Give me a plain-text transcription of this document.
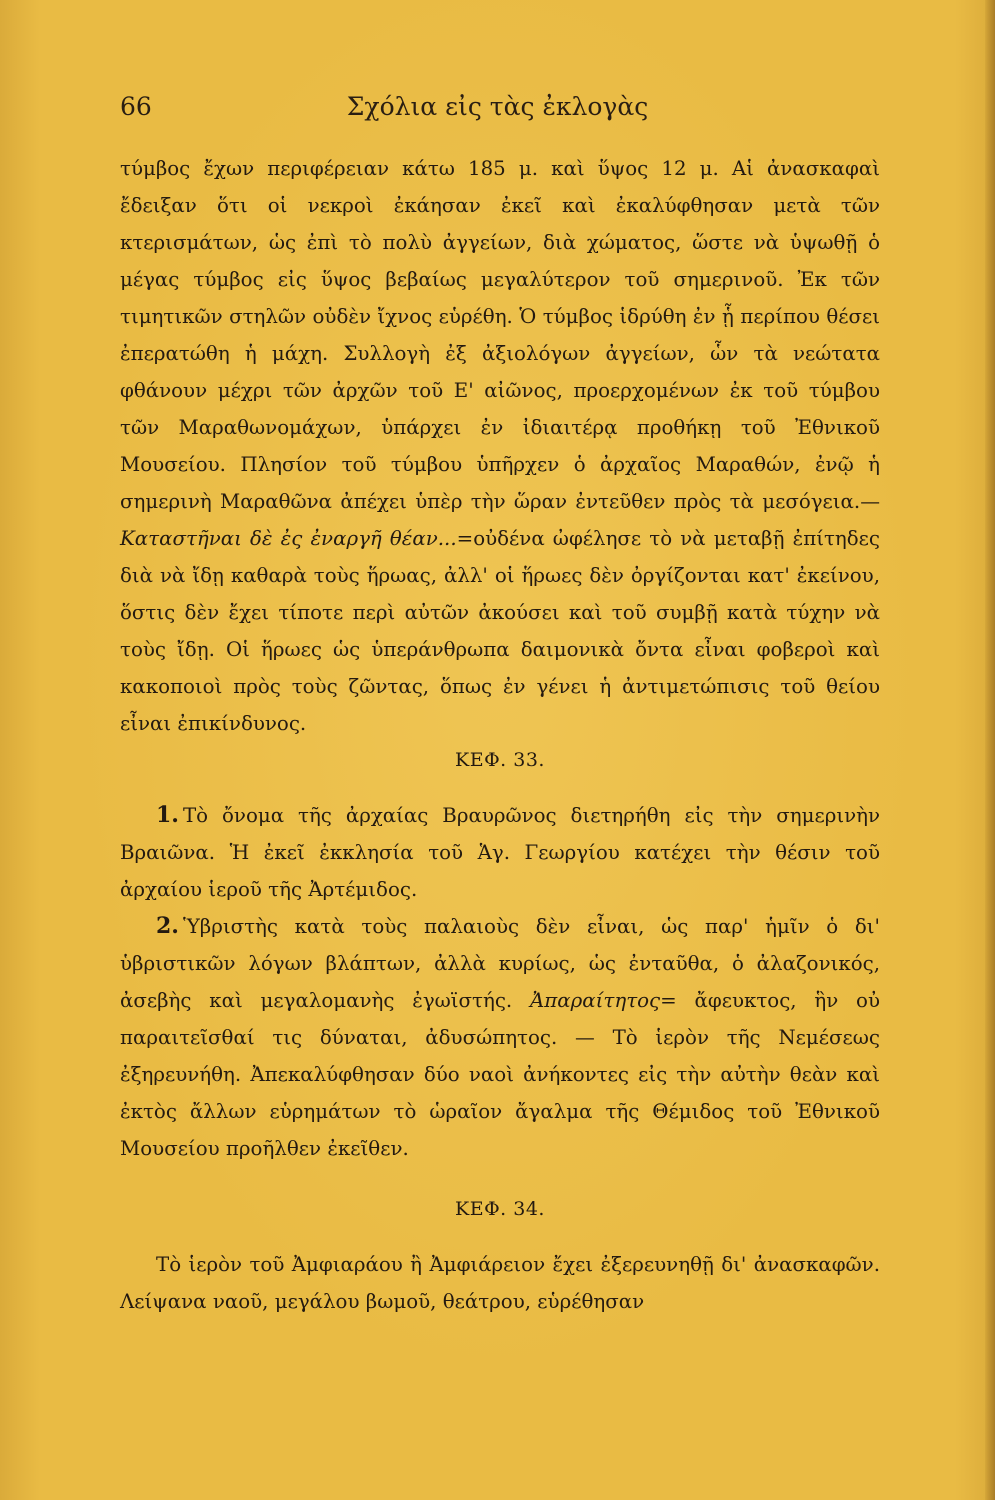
66	Σχόλια εἰς τὰς ἐκλογὰς

τύμβος ἔχων περιφέρειαν κάτω 185 μ. καὶ ὕψος 12 μ. Αἱ ἀνασκαφαὶ ἔδειξαν ὅτι οἱ νεκροὶ ἐκάησαν ἐκεῖ καὶ ἐκαλύφθησαν μετὰ τῶν κτερισμάτων, ὡς ἐπὶ τὸ πολὺ ἀγγείων, διὰ χώματος, ὥστε νὰ ὑψωθῇ ὁ μέγας τύμβος εἰς ὕψος βεβαίως μεγαλύτερον τοῦ σημερινοῦ. Ἐκ τῶν τιμητικῶν στηλῶν οὐδὲν ἴχνος εὑρέθη. Ὁ τύμβος ἱδρύθη ἐν ᾗ περίπου θέσει ἐπερατώθη ἡ μάχη. Συλλογὴ ἐξ ἀξιολόγων ἀγγείων, ὧν τὰ νεώτατα φθάνουν μέχρι τῶν ἀρχῶν τοῦ Ε' αἰῶνος, προερχομένων ἐκ τοῦ τύμβου τῶν Μαραθωνομάχων, ὑπάρχει ἐν ἰδιαιτέρᾳ προθήκῃ τοῦ Ἐθνικοῦ Μουσείου. Πλησίον τοῦ τύμβου ὑπῆρχεν ὁ ἀρχαῖος Μαραθών, ἐνῷ ἡ σημερινὴ Μαραθῶνα ἀπέχει ὑπὲρ τὴν ὥραν ἐντεῦθεν πρὸς τὰ μεσόγεια.— Καταστῆναι δὲ ἐς ἐναργῆ θέαν...=οὐδένα ὠφέλησε τὸ νὰ μεταβῇ ἐπίτηδες διὰ νὰ ἴδῃ καθαρὰ τοὺς ἥρωας, ἀλλ' οἱ ἥρωες δὲν ὀργίζονται κατ' ἐκείνου, ὅστις δὲν ἔχει τίποτε περὶ αὐτῶν ἀκούσει καὶ τοῦ συμβῇ κατὰ τύχην νὰ τοὺς ἴδῃ. Οἱ ἥρωες ὡς ὑπεράνθρωπα δαιμονικὰ ὄντα εἶναι φοβεροὶ καὶ κακοποιοὶ πρὸς τοὺς ζῶντας, ὅπως ἐν γένει ἡ ἀντιμετώπισις τοῦ θείου εἶναι ἐπικίνδυνος.

ΚΕΦ. 33.

1. Τὸ ὄνομα τῆς ἀρχαίας Βραυρῶνος διετηρήθη εἰς τὴν σημερινὴν Βραιῶνα. Ἡ ἐκεῖ ἐκκλησία τοῦ Ἁγ. Γεωργίου κατέχει τὴν θέσιν τοῦ ἀρχαίου ἱεροῦ τῆς Ἀρτέμιδος.

2. Ὑβριστὴς κατὰ τοὺς παλαιοὺς δὲν εἶναι, ὡς παρ' ἡμῖν ὁ δι' ὑβριστικῶν λόγων βλάπτων, ἀλλὰ κυρίως, ὡς ἐνταῦθα, ὁ ἀλαζονικός, ἀσεβὴς καὶ μεγαλομανὴς ἐγωϊστής. Ἀπαραίτητος= ἄφευκτος, ἣν οὐ παραιτεῖσθαί τις δύναται, ἀδυσώπητος. — Τὸ ἱερὸν τῆς Νεμέσεως ἐξηρευνήθη. Ἀπεκαλύφθησαν δύο ναοὶ ἀνήκοντες εἰς τὴν αὐτὴν θεὰν καὶ ἐκτὸς ἄλλων εὑρημάτων τὸ ὡραῖον ἄγαλμα τῆς Θέμιδος τοῦ Ἐθνικοῦ Μουσείου προῆλθεν ἐκεῖθεν.

ΚΕΦ. 34.

Τὸ ἱερὸν τοῦ Ἀμφιαράου ἢ Ἀμφιάρειον ἔχει ἐξερευνηθῇ δι' ἀνασκαφῶν. Λείψανα ναοῦ, μεγάλου βωμοῦ, θεάτρου, εὑρέθησαν
